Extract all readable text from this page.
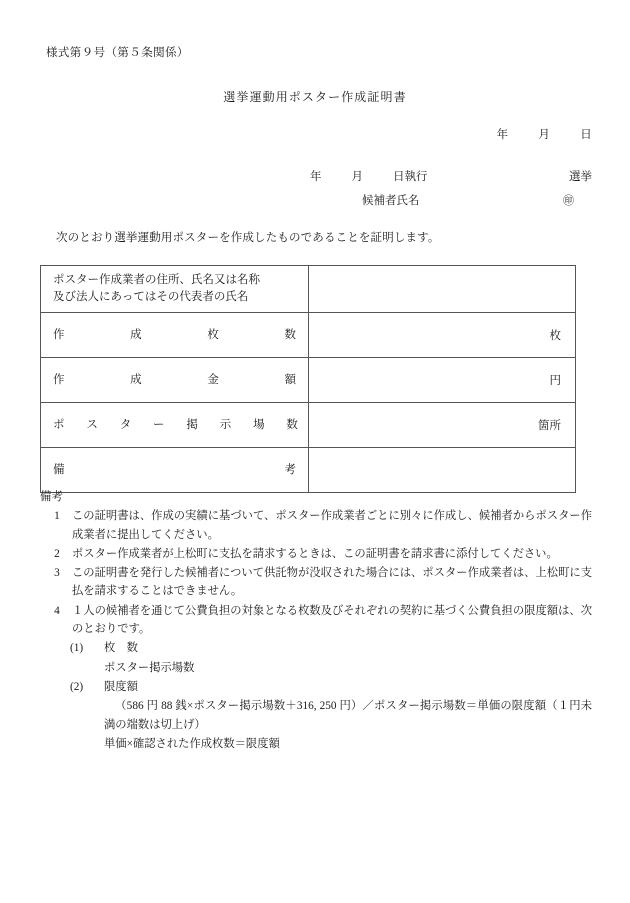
様式第９号（第５条関係）
選挙運動用ポスター作成証明書
年	月	日
年	月	日執行	選挙
候補者氏名	㊞
次のとおり選挙運動用ポスターを作成したものであることを証明します。
ポスター作成業者の住所、氏名又は名称
及び法人にあってはその代表者の氏名	

作 成 枚 数	枚

作 成 金 額	円

ポ ス タ ー 掲 示 場 数	箇所

備 考	

備考
1	この証明書は、作成の実績に基づいて、ポスター作成業者ごとに別々に作成し、候補者からポスター作成業者に提出してください。
2	ポスター作成業者が上松町に支払を請求するときは、この証明書を請求書に添付してください。
3	この証明書を発行した候補者について供託物が没収された場合には、ポスター作成業者は、上松町に支払を請求することはできません。
4	１人の候補者を通じて公費負担の対象となる枚数及びそれぞれの契約に基づく公費負担の限度額は、次のとおりです。
(1)	枚　数
ポスター掲示場数
(2)	限度額
（586 円 88 銭×ポスター掲示場数＋316, 250 円）／ポスター掲示場数＝単価の限度額（１円未満の端数は切上げ）
単価×確認された作成枚数＝限度額
